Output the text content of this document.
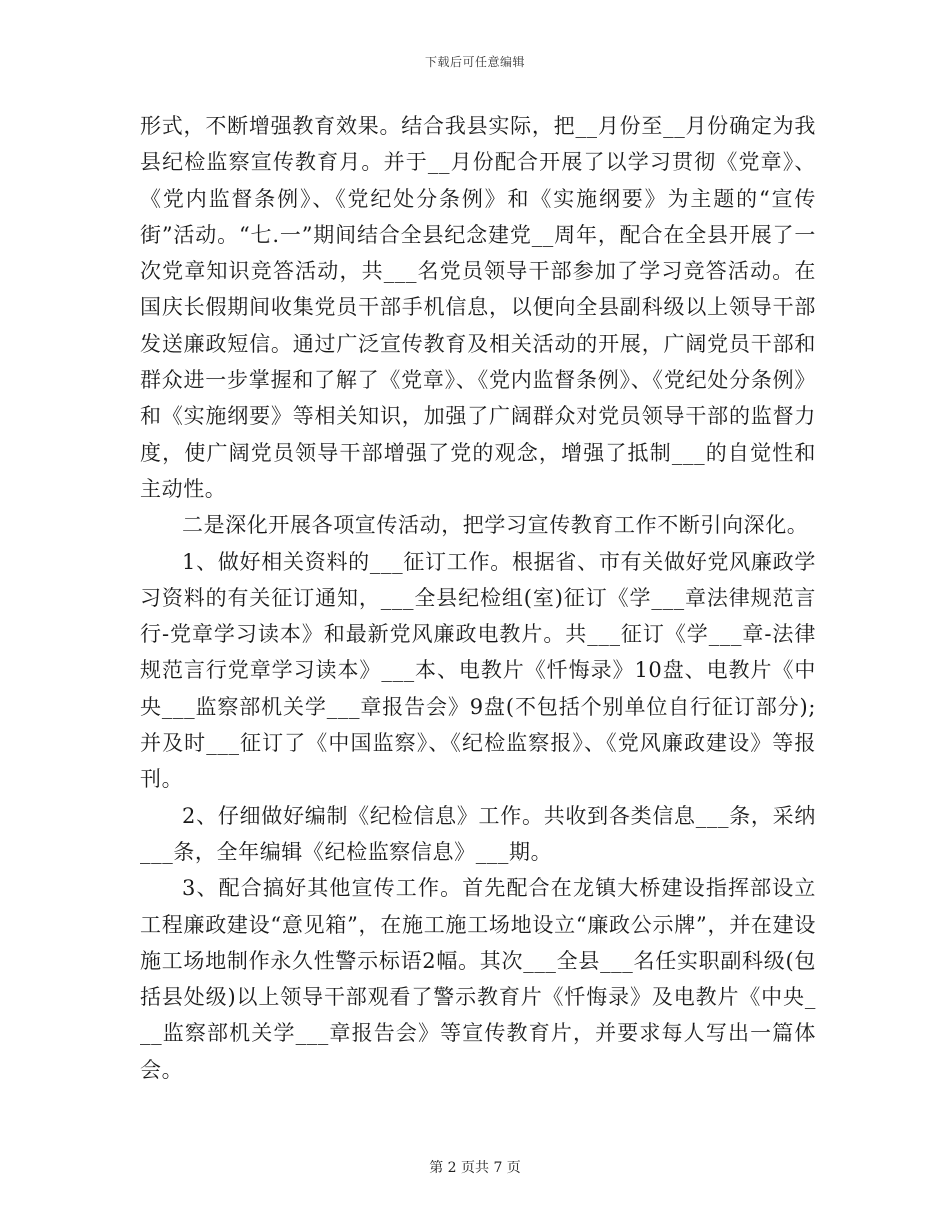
下载后可任意编辑

形式，不断增强教育效果。结合我县实际，把__月份至__月份确定为我县纪检监察宣传教育月。并于__月份配合开展了以学习贯彻《党章》、《党内监督条例》、《党纪处分条例》和《实施纲要》为主题的“宣传街”活动。“七.一”期间结合全县纪念建党__周年，配合在全县开展了一次党章知识竞答活动，共___名党员领导干部参加了学习竞答活动。在国庆长假期间收集党员干部手机信息，以便向全县副科级以上领导干部发送廉政短信。通过广泛宣传教育及相关活动的开展，广阔党员干部和群众进一步掌握和了解了《党章》、《党内监督条例》、《党纪处分条例》和《实施纲要》等相关知识，加强了广阔群众对党员领导干部的监督力度，使广阔党员领导干部增强了党的观念，增强了抵制___的自觉性和主动性。

二是深化开展各项宣传活动，把学习宣传教育工作不断引向深化。

1、做好相关资料的___征订工作。根据省、市有关做好党风廉政学习资料的有关征订通知，___全县纪检组(室)征订《学___章法律规范言行-党章学习读本》和最新党风廉政电教片。共___征订《学___章-法律规范言行党章学习读本》___本、电教片《忏悔录》10盘、电教片《中央___监察部机关学___章报告会》9盘(不包括个别单位自行征订部分);并及时___征订了《中国监察》、《纪检监察报》、《党风廉政建设》等报刊。

2、仔细做好编制《纪检信息》工作。共收到各类信息___条，采纳___条，全年编辑《纪检监察信息》___期。

3、配合搞好其他宣传工作。首先配合在龙镇大桥建设指挥部设立工程廉政建设“意见箱”，在施工施工场地设立“廉政公示牌”，并在建设施工场地制作永久性警示标语2幅。其次___全县___名任实职副科级(包括县处级)以上领导干部观看了警示教育片《忏悔录》及电教片《中央___监察部机关学___章报告会》等宣传教育片，并要求每人写出一篇体会。

第 2 页共 7 页
